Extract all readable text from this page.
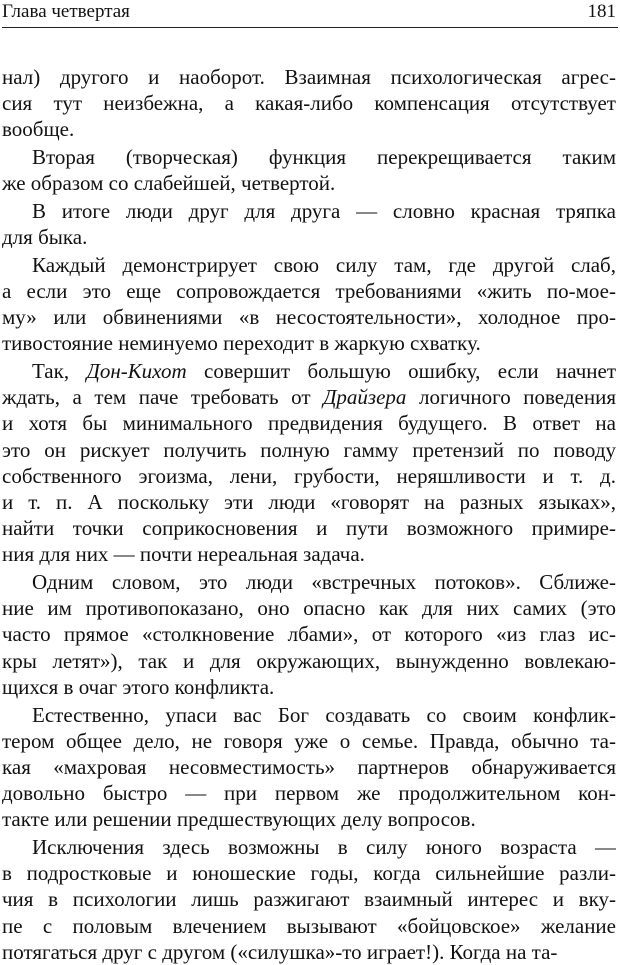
Глава четвертая	181
нал) другого и наоборот. Взаимная психологическая агрес-
сия тут неизбежна, а какая-либо компенсация отсутствует
вообще.
Вторая (творческая) функция перекрещивается таким
же образом со слабейшей, четвертой.
В итоге люди друг для друга — словно красная тряпка
для быка.
Каждый демонстрирует свою силу там, где другой слаб,
а если это еще сопровождается требованиями «жить по-мое-
му» или обвинениями «в несостоятельности», холодное про-
тивостояние неминуемо переходит в жаркую схватку.
Так, Дон-Кихот совершит большую ошибку, если начнет
ждать, а тем паче требовать от Драйзера логичного поведения
и хотя бы минимального предвидения будущего. В ответ на
это он рискует получить полную гамму претензий по поводу
собственного эгоизма, лени, грубости, неряшливости и т. д.
и т. п. А поскольку эти люди «говорят на разных языках»,
найти точки соприкосновения и пути возможного примире-
ния для них — почти нереальная задача.
Одним словом, это люди «встречных потоков». Сближе-
ние им противопоказано, оно опасно как для них самих (это
часто прямое «столкновение лбами», от которого «из глаз ис-
кры летят»), так и для окружающих, вынужденно вовлекаю-
щихся в очаг этого конфликта.
Естественно, упаси вас Бог создавать со своим конфлик-
тером общее дело, не говоря уже о семье. Правда, обычно та-
кая «махровая несовместимость» партнеров обнаруживается
довольно быстро — при первом же продолжительном кон-
такте или решении предшествующих делу вопросов.
Исключения здесь возможны в силу юного возраста —
в подростковые и юношеские годы, когда сильнейшие разли-
чия в психологии лишь разжигают взаимный интерес и вку-
пе с половым влечением вызывают «бойцовское» желание
потягаться друг с другом («силушка»-то играет!). Когда на та-
